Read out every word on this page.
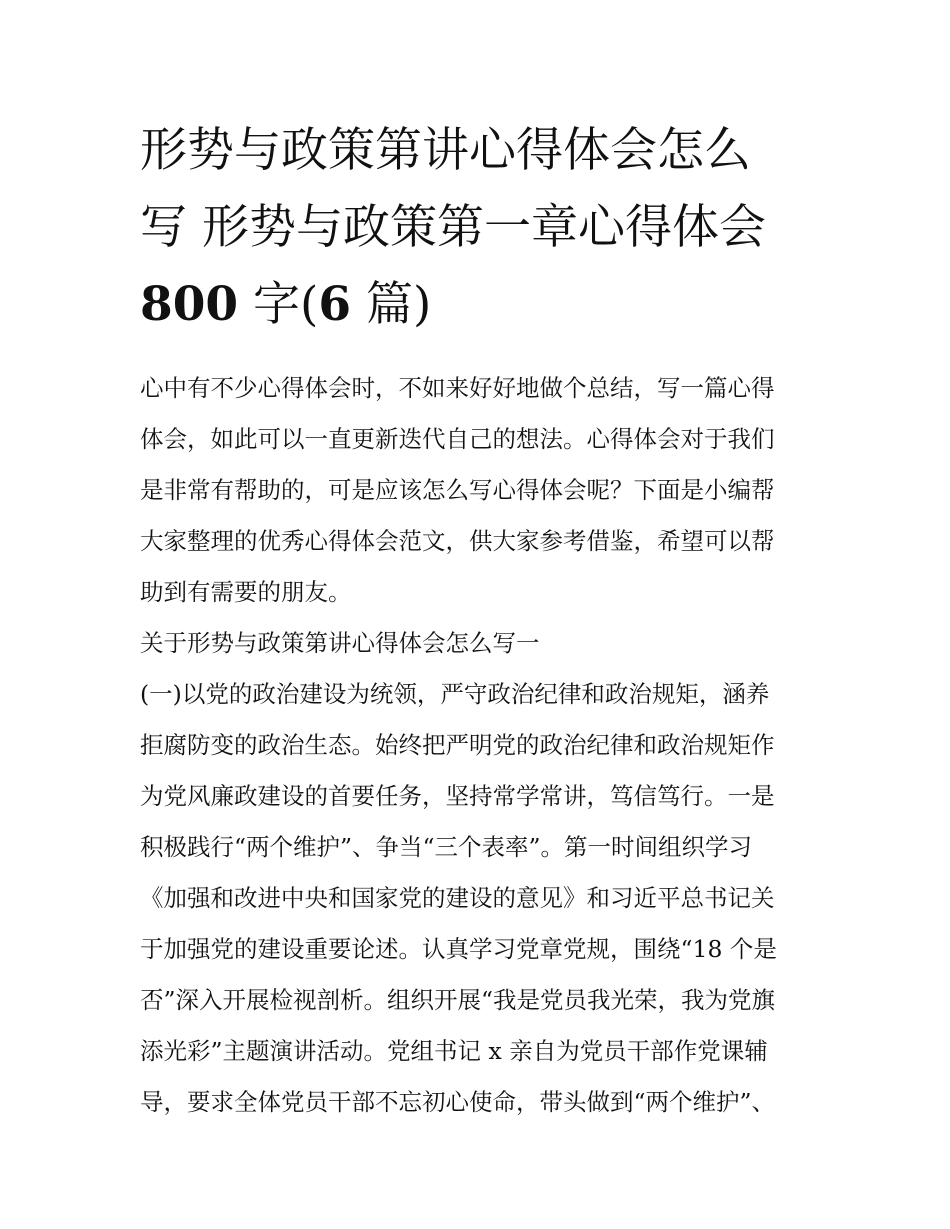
形势与政策第讲心得体会怎么
写 形势与政策第一章心得体会
800 字(6 篇)

心中有不少心得体会时，不如来好好地做个总结，写一篇心得
体会，如此可以一直更新迭代自己的想法。心得体会对于我们
是非常有帮助的，可是应该怎么写心得体会呢？下面是小编帮
大家整理的优秀心得体会范文，供大家参考借鉴，希望可以帮
助到有需要的朋友。

关于形势与政策第讲心得体会怎么写一

(一)以党的政治建设为统领，严守政治纪律和政治规矩，涵养
拒腐防变的政治生态。始终把严明党的政治纪律和政治规矩作
为党风廉政建设的首要任务，坚持常学常讲，笃信笃行。一是
积极践行“两个维护”、争当“三个表率”。第一时间组织学习
《加强和改进中央和国家党的建设的意见》和习近平总书记关
于加强党的建设重要论述。认真学习党章党规，围绕“18 个是
否”深入开展检视剖析。组织开展“我是党员我光荣，我为党旗
添光彩”主题演讲活动。党组书记 x 亲自为党员干部作党课辅
导，要求全体党员干部不忘初心使命，带头做到“两个维护”、
